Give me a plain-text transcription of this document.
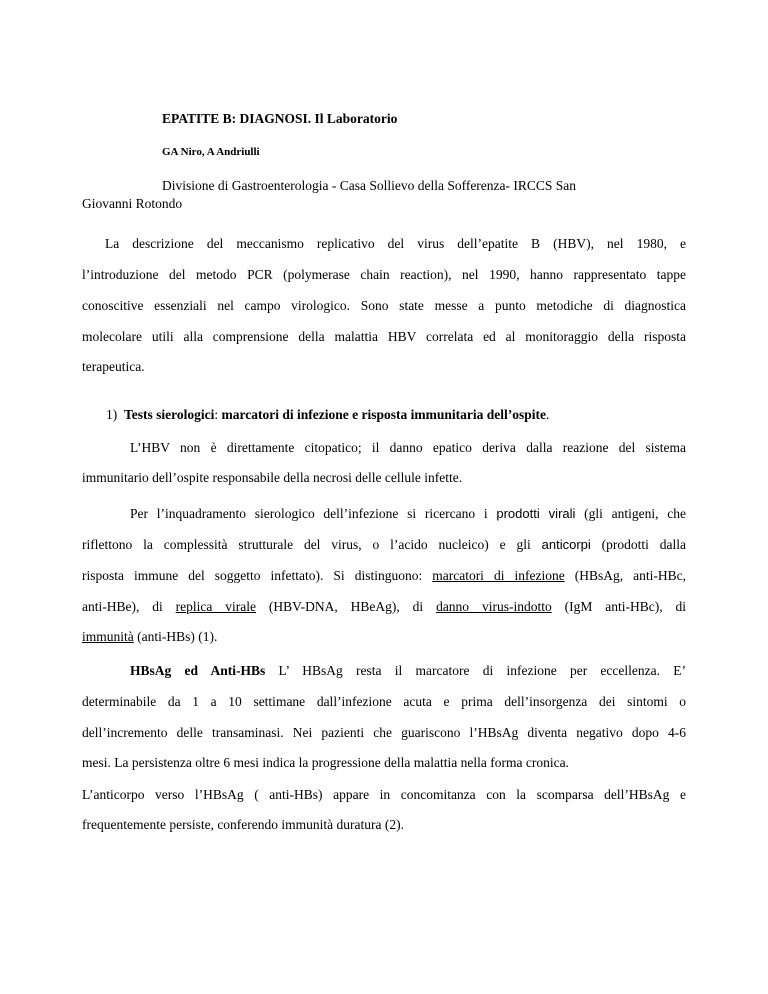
EPATITE B: DIAGNOSI. Il Laboratorio
GA Niro, A Andriulli
Divisione di Gastroenterologia - Casa Sollievo della Sofferenza- IRCCS San
Giovanni Rotondo
La descrizione del meccanismo replicativo del virus dell’epatite B (HBV), nel 1980, e
l’introduzione del metodo PCR (polymerase chain reaction), nel 1990, hanno rappresentato tappe
conoscitive essenziali nel campo virologico. Sono state messe a punto metodiche di diagnostica
molecolare utili alla comprensione della malattia HBV correlata ed al monitoraggio della risposta
terapeutica.
1) Tests sierologici: marcatori di infezione e risposta immunitaria dell’ospite.
L’HBV non è direttamente citopatico; il danno epatico deriva dalla reazione del sistema
immunitario dell’ospite responsabile della necrosi delle cellule infette.
Per l’inquadramento sierologico dell’infezione si ricercano i prodotti virali (gli antigeni, che
riflettono la complessità strutturale del virus, o l’acido nucleico) e gli anticorpi (prodotti dalla
risposta immune del soggetto infettato). Si distinguono: marcatori di infezione (HBsAg, anti-HBc,
anti-HBe), di replica virale (HBV-DNA, HBeAg), di danno virus-indotto (IgM anti-HBc), di
immunità (anti-HBs) (1).
HBsAg ed Anti-HBs L’ HBsAg resta il marcatore di infezione per eccellenza. E’
determinabile da 1 a 10 settimane dall’infezione acuta e prima dell’insorgenza dei sintomi o
dell’incremento delle transaminasi. Nei pazienti che guariscono l’HBsAg diventa negativo dopo 4-6
mesi. La persistenza oltre 6 mesi indica la progressione della malattia nella forma cronica.
L’anticorpo verso l’HBsAg ( anti-HBs) appare in concomitanza con la scomparsa dell’HBsAg e
frequentemente persiste, conferendo immunità duratura (2).
